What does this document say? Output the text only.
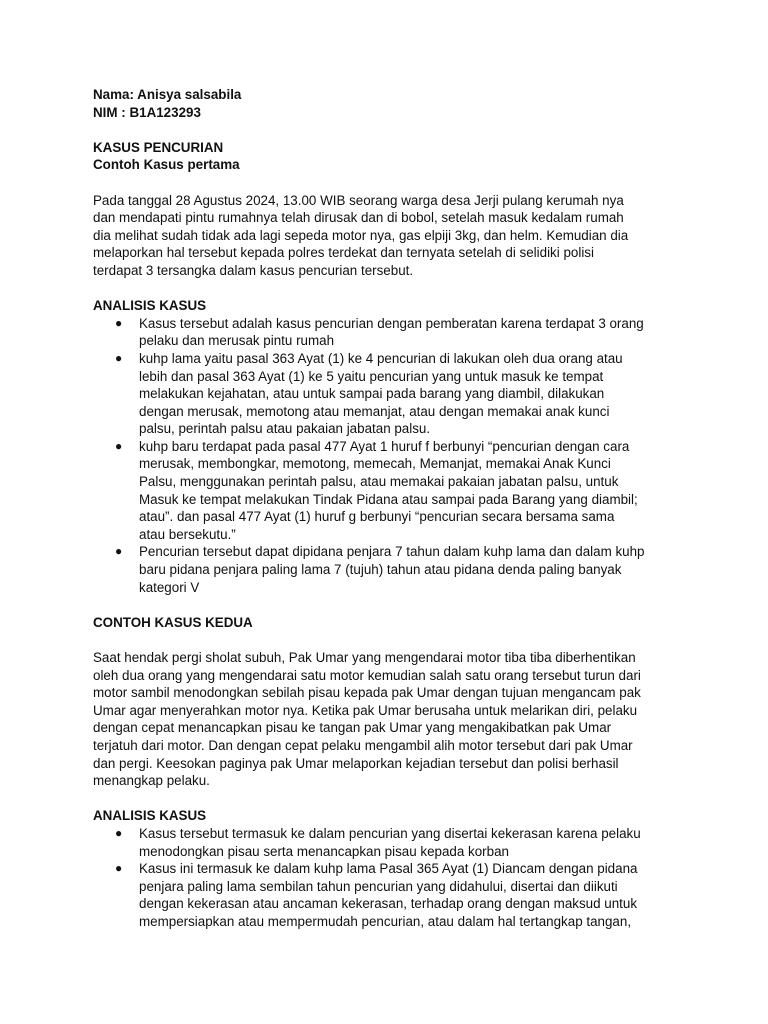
Nama: Anisya salsabila
NIM : B1A123293
KASUS PENCURIAN
Contoh Kasus pertama
Pada tanggal 28 Agustus 2024, 13.00 WIB seorang warga desa Jerji pulang kerumah nya
dan mendapati pintu rumahnya telah dirusak dan di bobol, setelah masuk kedalam rumah
dia melihat sudah tidak ada lagi sepeda motor nya, gas elpiji 3kg, dan helm. Kemudian dia
melaporkan hal tersebut kepada polres terdekat dan ternyata setelah di selidiki polisi
terdapat 3 tersangka dalam kasus pencurian tersebut.
ANALISIS KASUS
● Kasus tersebut adalah kasus pencurian dengan pemberatan karena terdapat 3 orang
pelaku dan merusak pintu rumah
● kuhp lama yaitu pasal 363 Ayat (1) ke 4 pencurian di lakukan oleh dua orang atau
lebih dan pasal 363 Ayat (1) ke 5 yaitu pencurian yang untuk masuk ke tempat
melakukan kejahatan, atau untuk sampai pada barang yang diambil, dilakukan
dengan merusak, memotong atau memanjat, atau dengan memakai anak kunci
palsu, perintah palsu atau pakaian jabatan palsu.
● kuhp baru terdapat pada pasal 477 Ayat 1 huruf f berbunyi “pencurian dengan cara
merusak, membongkar, memotong, memecah, Memanjat, memakai Anak Kunci
Palsu, menggunakan perintah palsu, atau memakai pakaian jabatan palsu, untuk
Masuk ke tempat melakukan Tindak Pidana atau sampai pada Barang yang diambil;
atau”. dan pasal 477 Ayat (1) huruf g berbunyi “pencurian secara bersama sama
atau bersekutu.”
● Pencurian tersebut dapat dipidana penjara 7 tahun dalam kuhp lama dan dalam kuhp
baru pidana penjara paling lama 7 (tujuh) tahun atau pidana denda paling banyak
kategori V
CONTOH KASUS KEDUA
Saat hendak pergi sholat subuh, Pak Umar yang mengendarai motor tiba tiba diberhentikan
oleh dua orang yang mengendarai satu motor kemudian salah satu orang tersebut turun dari
motor sambil menodongkan sebilah pisau kepada pak Umar dengan tujuan mengancam pak
Umar agar menyerahkan motor nya. Ketika pak Umar berusaha untuk melarikan diri, pelaku
dengan cepat menancapkan pisau ke tangan pak Umar yang mengakibatkan pak Umar
terjatuh dari motor. Dan dengan cepat pelaku mengambil alih motor tersebut dari pak Umar
dan pergi. Keesokan paginya pak Umar melaporkan kejadian tersebut dan polisi berhasil
menangkap pelaku.
ANALISIS KASUS
● Kasus tersebut termasuk ke dalam pencurian yang disertai kekerasan karena pelaku
menodongkan pisau serta menancapkan pisau kepada korban
● Kasus ini termasuk ke dalam kuhp lama Pasal 365 Ayat (1) Diancam dengan pidana
penjara paling lama sembilan tahun pencurian yang didahului, disertai dan diikuti
dengan kekerasan atau ancaman kekerasan, terhadap orang dengan maksud untuk
mempersiapkan atau mempermudah pencurian, atau dalam hal tertangkap tangan,
